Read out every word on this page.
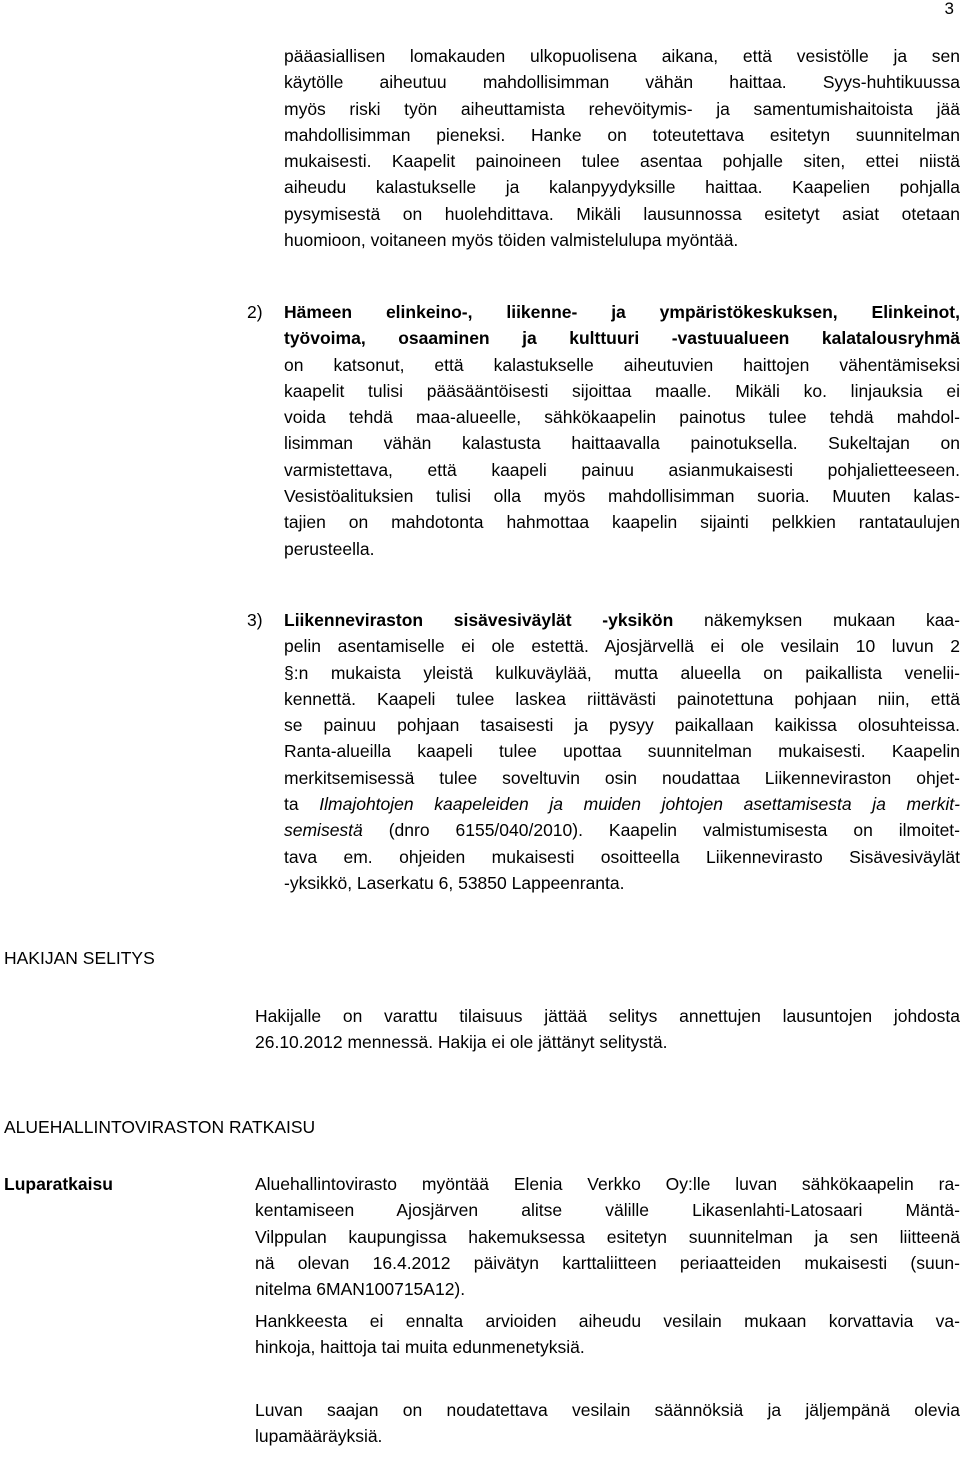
3
pääasiallisen lomakauden ulkopuolisena aikana, että vesistölle ja sen
käytölle aiheutuu mahdollisimman vähän haittaa. Syys-huhtikuussa
myös riski työn aiheuttamista rehevöitymis- ja samentumishaitoista jää
mahdollisimman pieneksi. Hanke on toteutettava esitetyn suunnitelman
mukaisesti. Kaapelit painoineen tulee asentaa pohjalle siten, ettei niistä
aiheudu kalastukselle ja kalanpyydyksille haittaa. Kaapelien pohjalla
pysymisestä on huolehdittava. Mikäli lausunnossa esitetyt asiat otetaan
huomioon, voitaneen myös töiden valmistelulupa myöntää.
2) Hämeen elinkeino-, liikenne- ja ympäristökeskuksen, Elinkeinot,
työvoima, osaaminen ja kulttuuri -vastuualueen kalatalousryhmä
on katsonut, että kalastukselle aiheutuvien haittojen vähentämiseksi
kaapelit tulisi pääsääntöisesti sijoittaa maalle. Mikäli ko. linjauksia ei
voida tehdä maa-alueelle, sähkökaapelin painotus tulee tehdä mahdol-
lisimman vähän kalastusta haittaavalla painotuksella. Sukeltajan on
varmistettava, että kaapeli painuu asianmukaisesti pohjalietteeseen.
Vesistöalituksien tulisi olla myös mahdollisimman suoria. Muuten kalas-
tajien on mahdotonta hahmottaa kaapelin sijainti pelkkien rantataulujen
perusteella.
3) Liikenneviraston sisävesiväylät -yksikön näkemyksen mukaan kaa-
pelin asentamiselle ei ole estettä. Ajosjärvellä ei ole vesilain 10 luvun 2
§:n mukaista yleistä kulkuväylää, mutta alueella on paikallista venelii-
kennettä. Kaapeli tulee laskea riittävästi painotettuna pohjaan niin, että
se painuu pohjaan tasaisesti ja pysyy paikallaan kaikissa olosuhteissa.
Ranta-alueilla kaapeli tulee upottaa suunnitelman mukaisesti. Kaapelin
merkitsemisessä tulee soveltuvin osin noudattaa Liikenneviraston ohjet-
ta Ilmajohtojen kaapeleiden ja muiden johtojen asettamisesta ja merkit-
semisestä (dnro 6155/040/2010). Kaapelin valmistumisesta on ilmoitet-
tava em. ohjeiden mukaisesti osoitteella Liikennevirasto Sisävesiväylät
-yksikkö, Laserkatu 6, 53850 Lappeenranta.
HAKIJAN SELITYS
Hakijalle on varattu tilaisuus jättää selitys annettujen lausuntojen johdosta
26.10.2012 mennessä. Hakija ei ole jättänyt selitystä.
ALUEHALLINTOVIRASTON RATKAISU
Luparatkaisu	Aluehallintovirasto myöntää Elenia Verkko Oy:lle luvan sähkökaapelin ra-
kentamiseen Ajosjärven alitse välille Likasenlahti-Latosaari Mäntä-
Vilppulan kaupungissa hakemuksessa esitetyn suunnitelman ja sen liitteenä
nä olevan 16.4.2012 päivätyn karttaliitteen periaatteiden mukaisesti (suun-
nitelma 6MAN100715A12).
Hankkeesta ei ennalta arvioiden aiheudu vesilain mukaan korvattavia va-
hinkoja, haittoja tai muita edunmenetyksiä.
Luvan saajan on noudatettava vesilain säännöksiä ja jäljempänä olevia
lupamääräyksiä.
